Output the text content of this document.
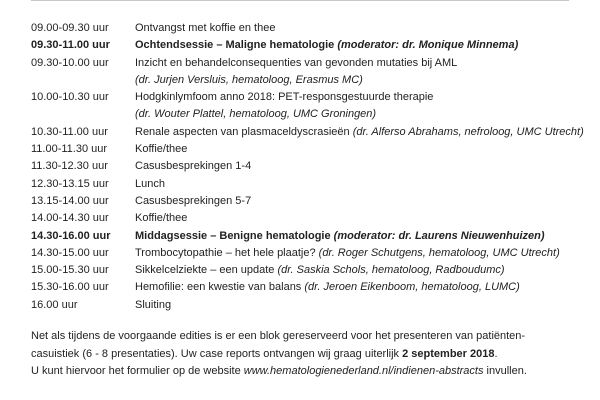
09.00-09.30 uur	Ontvangst met koffie en thee
09.30-11.00 uur	Ochtendsessie – Maligne hematologie (moderator: dr. Monique Minnema)
09.30-10.00 uur	Inzicht en behandelconsequenties van gevonden mutaties bij AML
(dr. Jurjen Versluis, hematoloog, Erasmus MC)
10.00-10.30 uur	Hodgkinlymfoom anno 2018: PET-responsgestuurde therapie
(dr. Wouter Plattel, hematoloog, UMC Groningen)
10.30-11.00 uur	Renale aspecten van plasmaceldyscrasieën (dr. Alferso Abrahams, nefroloog, UMC Utrecht)
11.00-11.30 uur	Koffie/thee
11.30-12.30 uur	Casusbesprekingen 1-4
12.30-13.15 uur	Lunch
13.15-14.00 uur	Casusbesprekingen 5-7
14.00-14.30 uur	Koffie/thee
14.30-16.00 uur	Middagsessie – Benigne hematologie (moderator: dr. Laurens Nieuwenhuizen)
14.30-15.00 uur	Trombocytopathie – het hele plaatje? (dr. Roger Schutgens, hematoloog, UMC Utrecht)
15.00-15.30 uur	Sikkelcelziekte – een update (dr. Saskia Schols, hematoloog, Radboudumc)
15.30-16.00 uur	Hemofilie: een kwestie van balans (dr. Jeroen Eikenboom, hematoloog, LUMC)
16.00 uur	Sluiting
Net als tijdens de voorgaande edities is er een blok gereserveerd voor het presenteren van patiënten-
casuistiek (6 - 8 presentaties). Uw case reports ontvangen wij graag uiterlijk 2 september 2018.
U kunt hiervoor het formulier op de website www.hematologienederland.nl/indienen-abstracts invullen.
